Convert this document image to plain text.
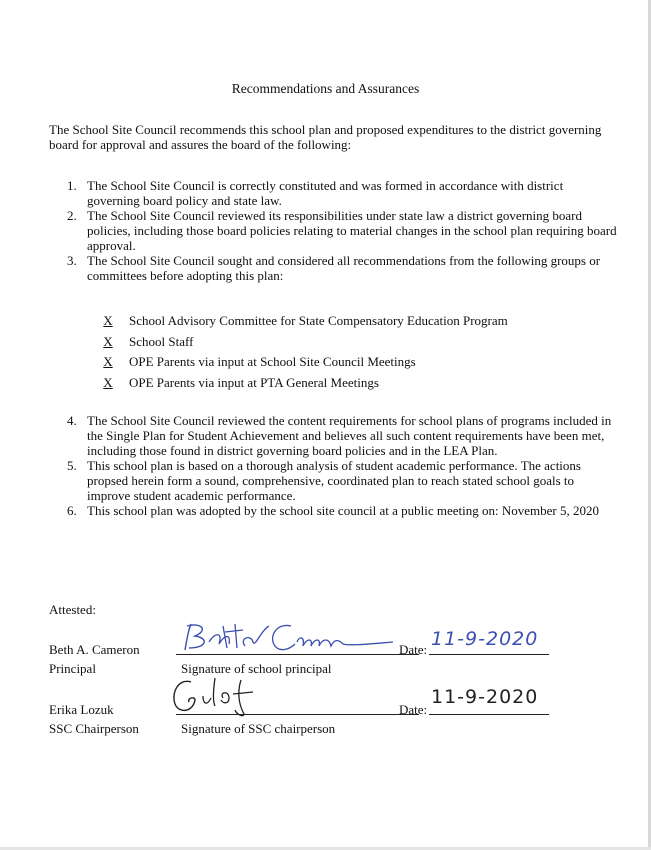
Recommendations and Assurances
The School Site Council recommends this school plan and proposed expenditures to the district governing board for approval and assures the board of the following:
1. The School Site Council is correctly constituted and was formed in accordance with district governing board policy and state law.
2. The School Site Council reviewed its responsibilities under state law a district governing board policies, including those board policies relating to material changes in the school plan requiring board approval.
3. The School Site Council sought and considered all recommendations from the following groups or committees before adopting this plan:
X School Advisory Committee for State Compensatory Education Program
X School Staff
X OPE Parents via input at School Site Council Meetings
X OPE Parents via input at PTA General Meetings
4. The School Site Council reviewed the content requirements for school plans of programs included in the Single Plan for Student Achievement and believes all such content requirements have been met, including those found in district governing board policies and in the LEA Plan.
5. This school plan is based on a thorough analysis of student academic performance. The actions propsed herein form a sound, comprehensive, coordinated plan to reach stated school goals to improve student academic performance.
6. This school plan was adopted by the school site council at a public meeting on: November 5, 2020
Attested:
Beth A. Cameron
Principal	Signature of school principal
Date: 11-9-2020
Erika Lozuk
SSC Chairperson	Signature of SSC chairperson
Date:
11-9-2020
